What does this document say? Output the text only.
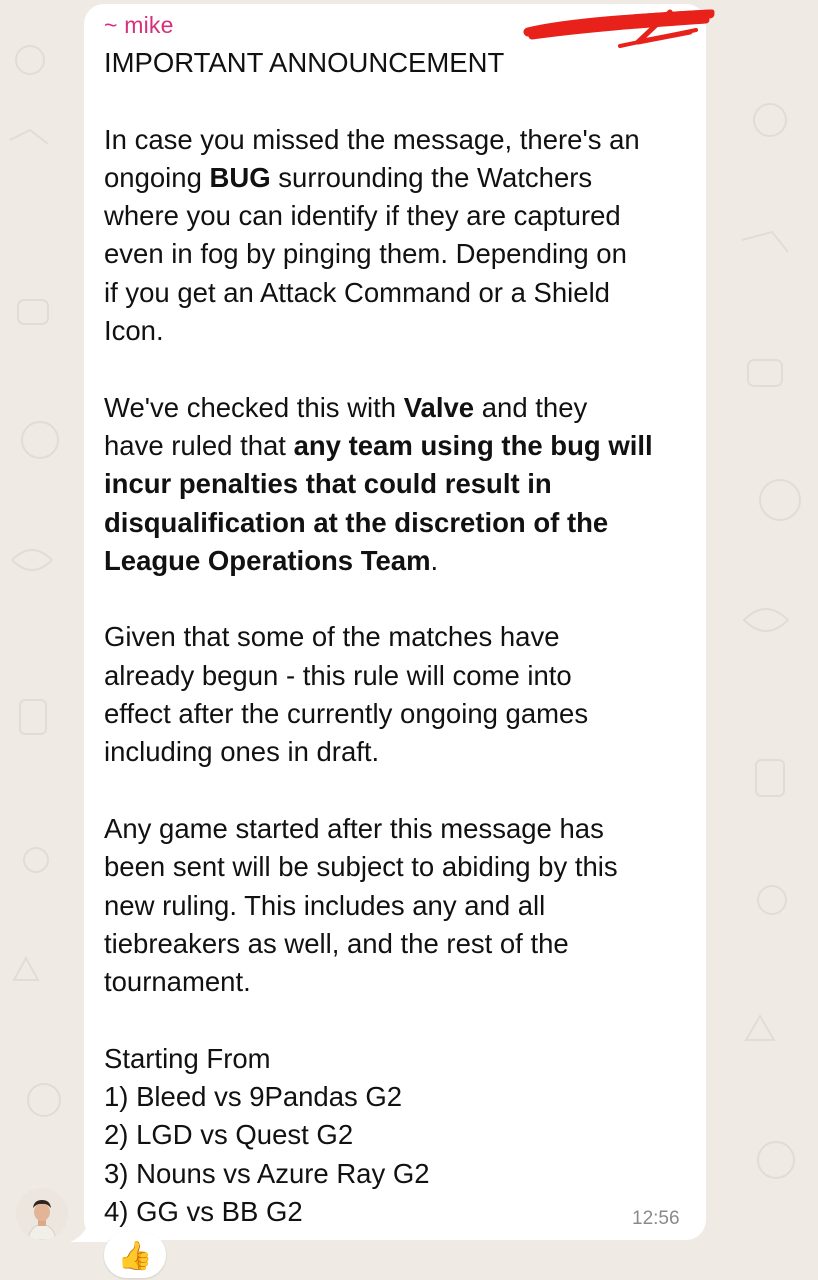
~ mike
IMPORTANT ANNOUNCEMENT
In case you missed the message, there's an
ongoing BUG surrounding the Watchers
where you can identify if they are captured
even in fog by pinging them. Depending on
if you get an Attack Command or a Shield
Icon.
We've checked this with Valve and they
have ruled that any team using the bug will
incur penalties that could result in
disqualification at the discretion of the
League Operations Team.
Given that some of the matches have
already begun - this rule will come into
effect after the currently ongoing games
including ones in draft.
Any game started after this message has
been sent will be subject to abiding by this
new ruling. This includes any and all
tiebreakers as well, and the rest of the
tournament.
Starting From
1) Bleed vs 9Pandas G2
2) LGD vs Quest G2
3) Nouns vs Azure Ray G2
4) GG vs BB G2	12:56
👍
